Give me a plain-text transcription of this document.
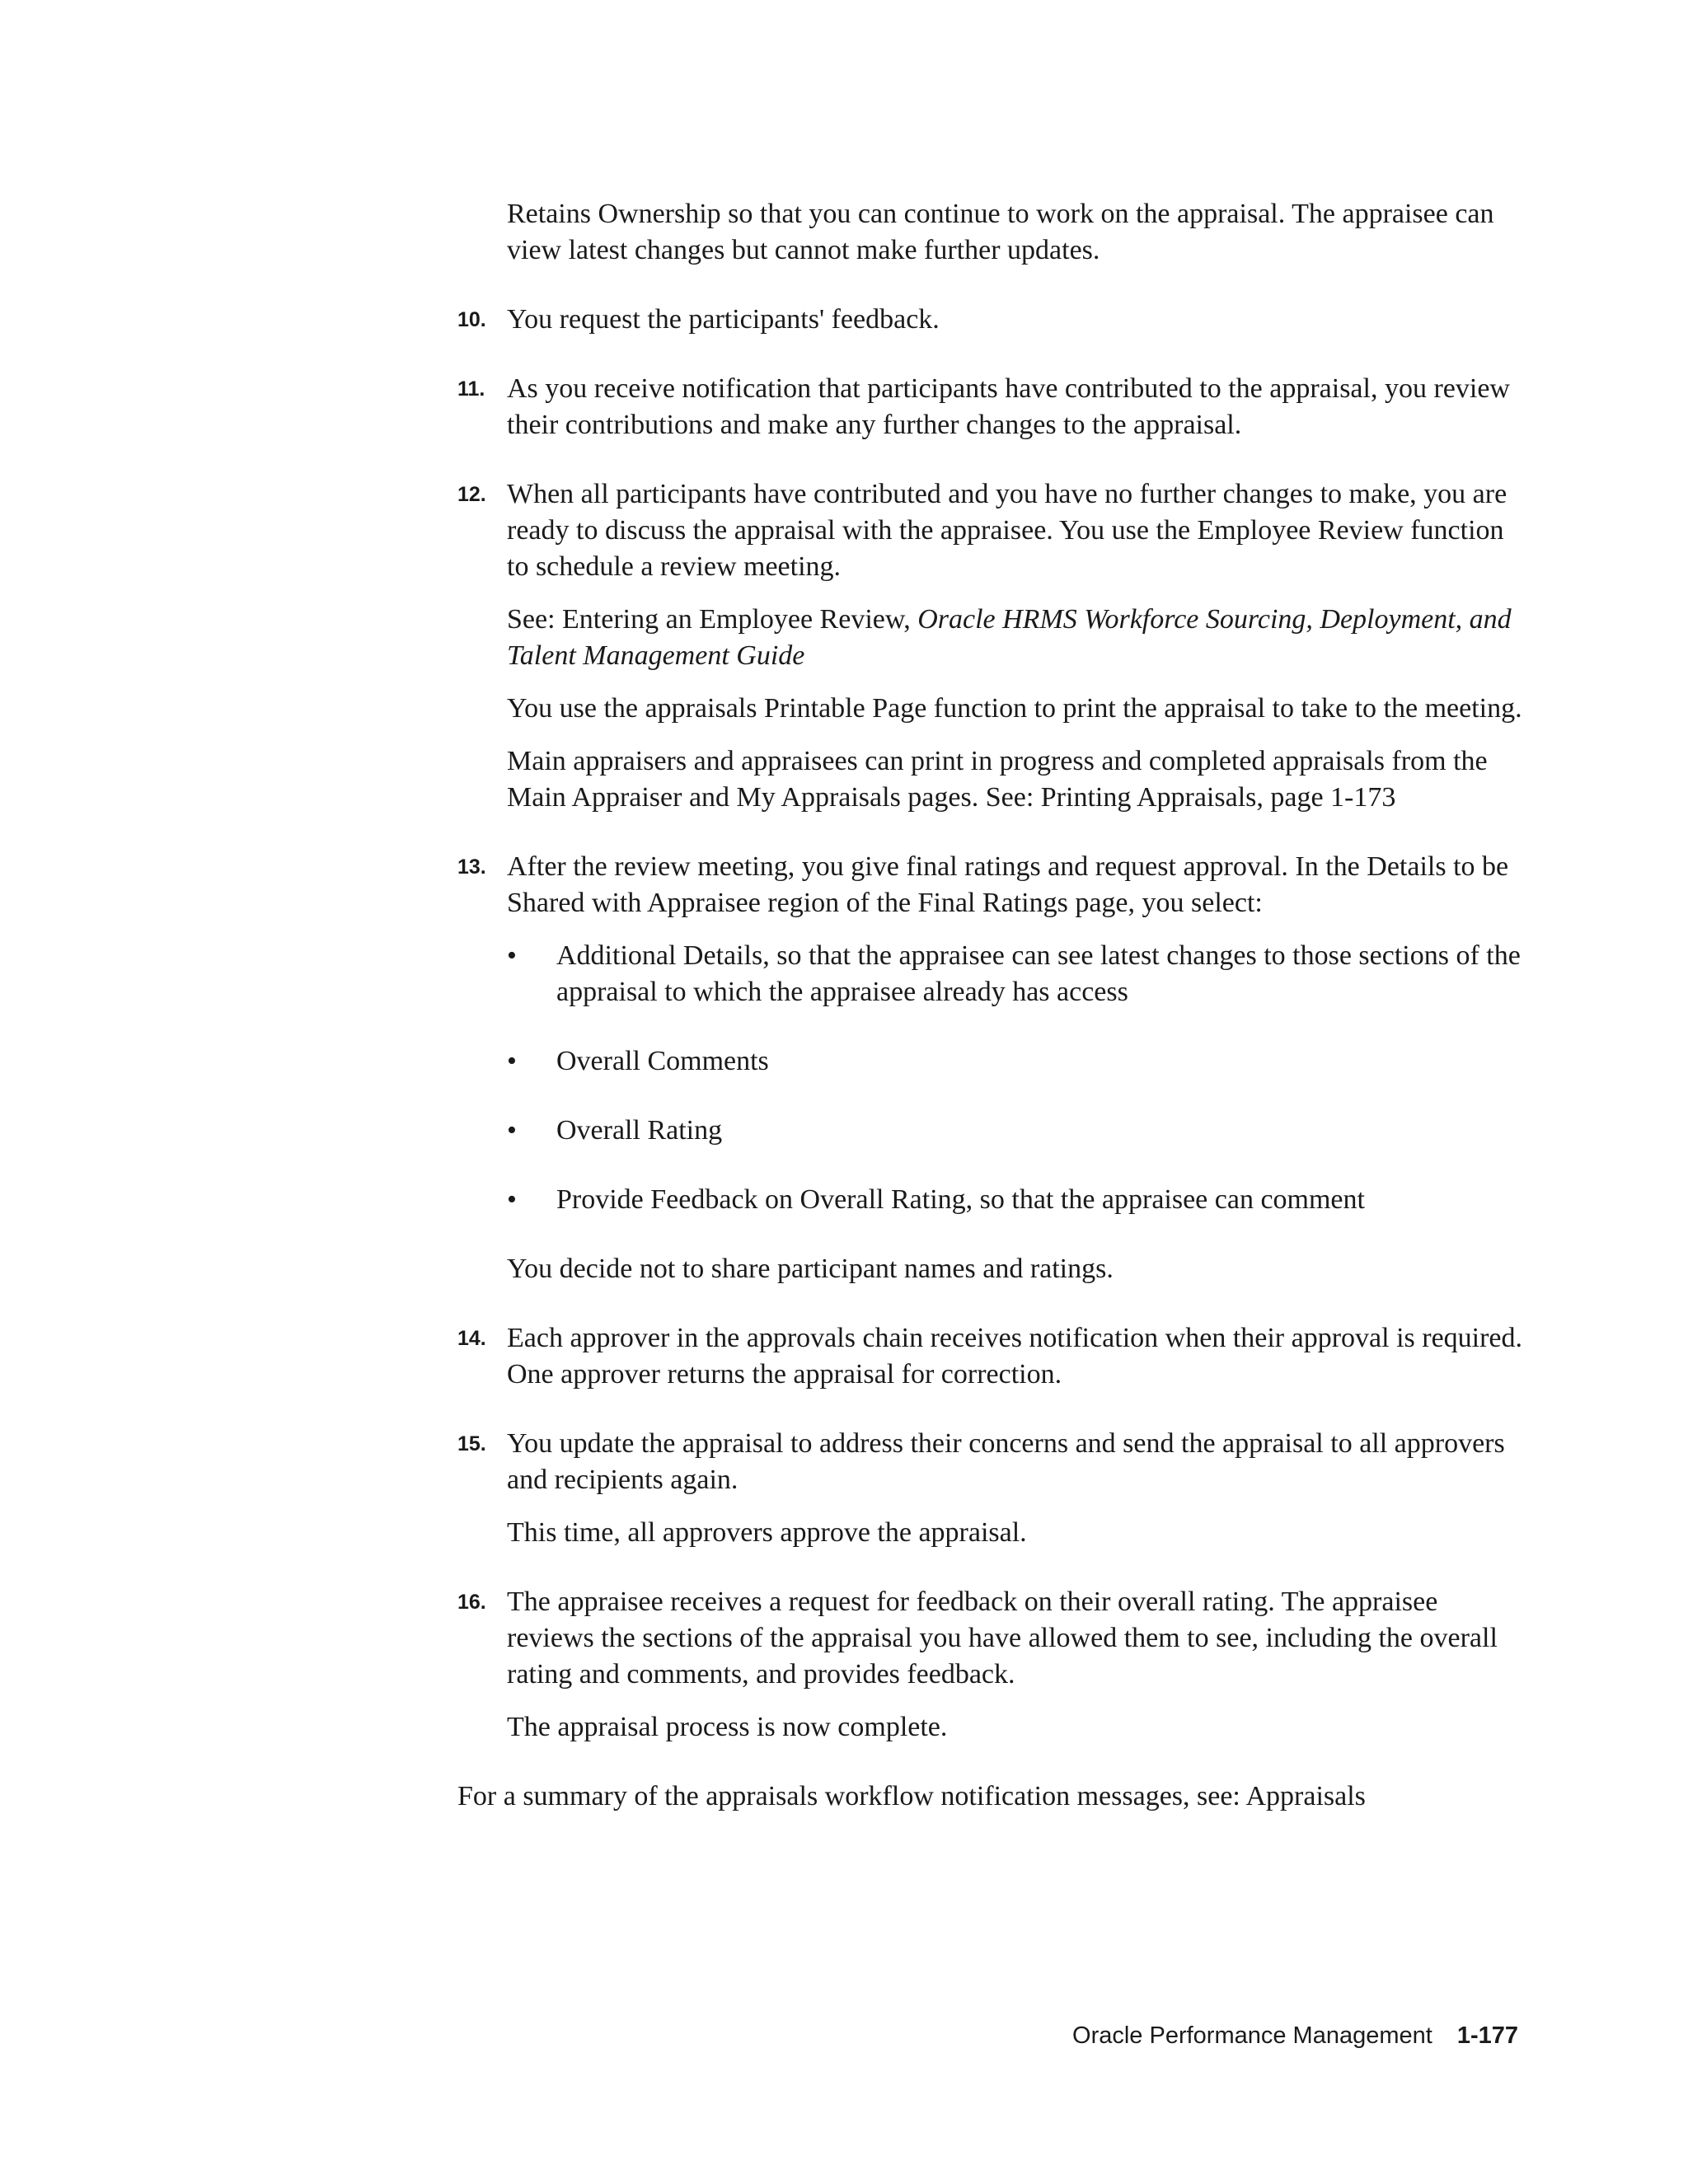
Retains Ownership so that you can continue to work on the appraisal. The appraisee can view latest changes but cannot make further updates.

10. You request the participants' feedback.

11. As you receive notification that participants have contributed to the appraisal, you review their contributions and make any further changes to the appraisal.

12. When all participants have contributed and you have no further changes to make, you are ready to discuss the appraisal with the appraisee. You use the Employee Review function to schedule a review meeting.

See: Entering an Employee Review, Oracle HRMS Workforce Sourcing, Deployment, and Talent Management Guide

You use the appraisals Printable Page function to print the appraisal to take to the meeting.

Main appraisers and appraisees can print in progress and completed appraisals from the Main Appraiser and My Appraisals pages. See: Printing Appraisals, page 1-173

13. After the review meeting, you give final ratings and request approval. In the Details to be Shared with Appraisee region of the Final Ratings page, you select:

• Additional Details, so that the appraisee can see latest changes to those sections of the appraisal to which the appraisee already has access
• Overall Comments
• Overall Rating
• Provide Feedback on Overall Rating, so that the appraisee can comment

You decide not to share participant names and ratings.

14. Each approver in the approvals chain receives notification when their approval is required. One approver returns the appraisal for correction.

15. You update the appraisal to address their concerns and send the appraisal to all approvers and recipients again.

This time, all approvers approve the appraisal.

16. The appraisee receives a request for feedback on their overall rating. The appraisee reviews the sections of the appraisal you have allowed them to see, including the overall rating and comments, and provides feedback.

The appraisal process is now complete.

For a summary of the appraisals workflow notification messages, see: Appraisals

Oracle Performance Management 1-177
